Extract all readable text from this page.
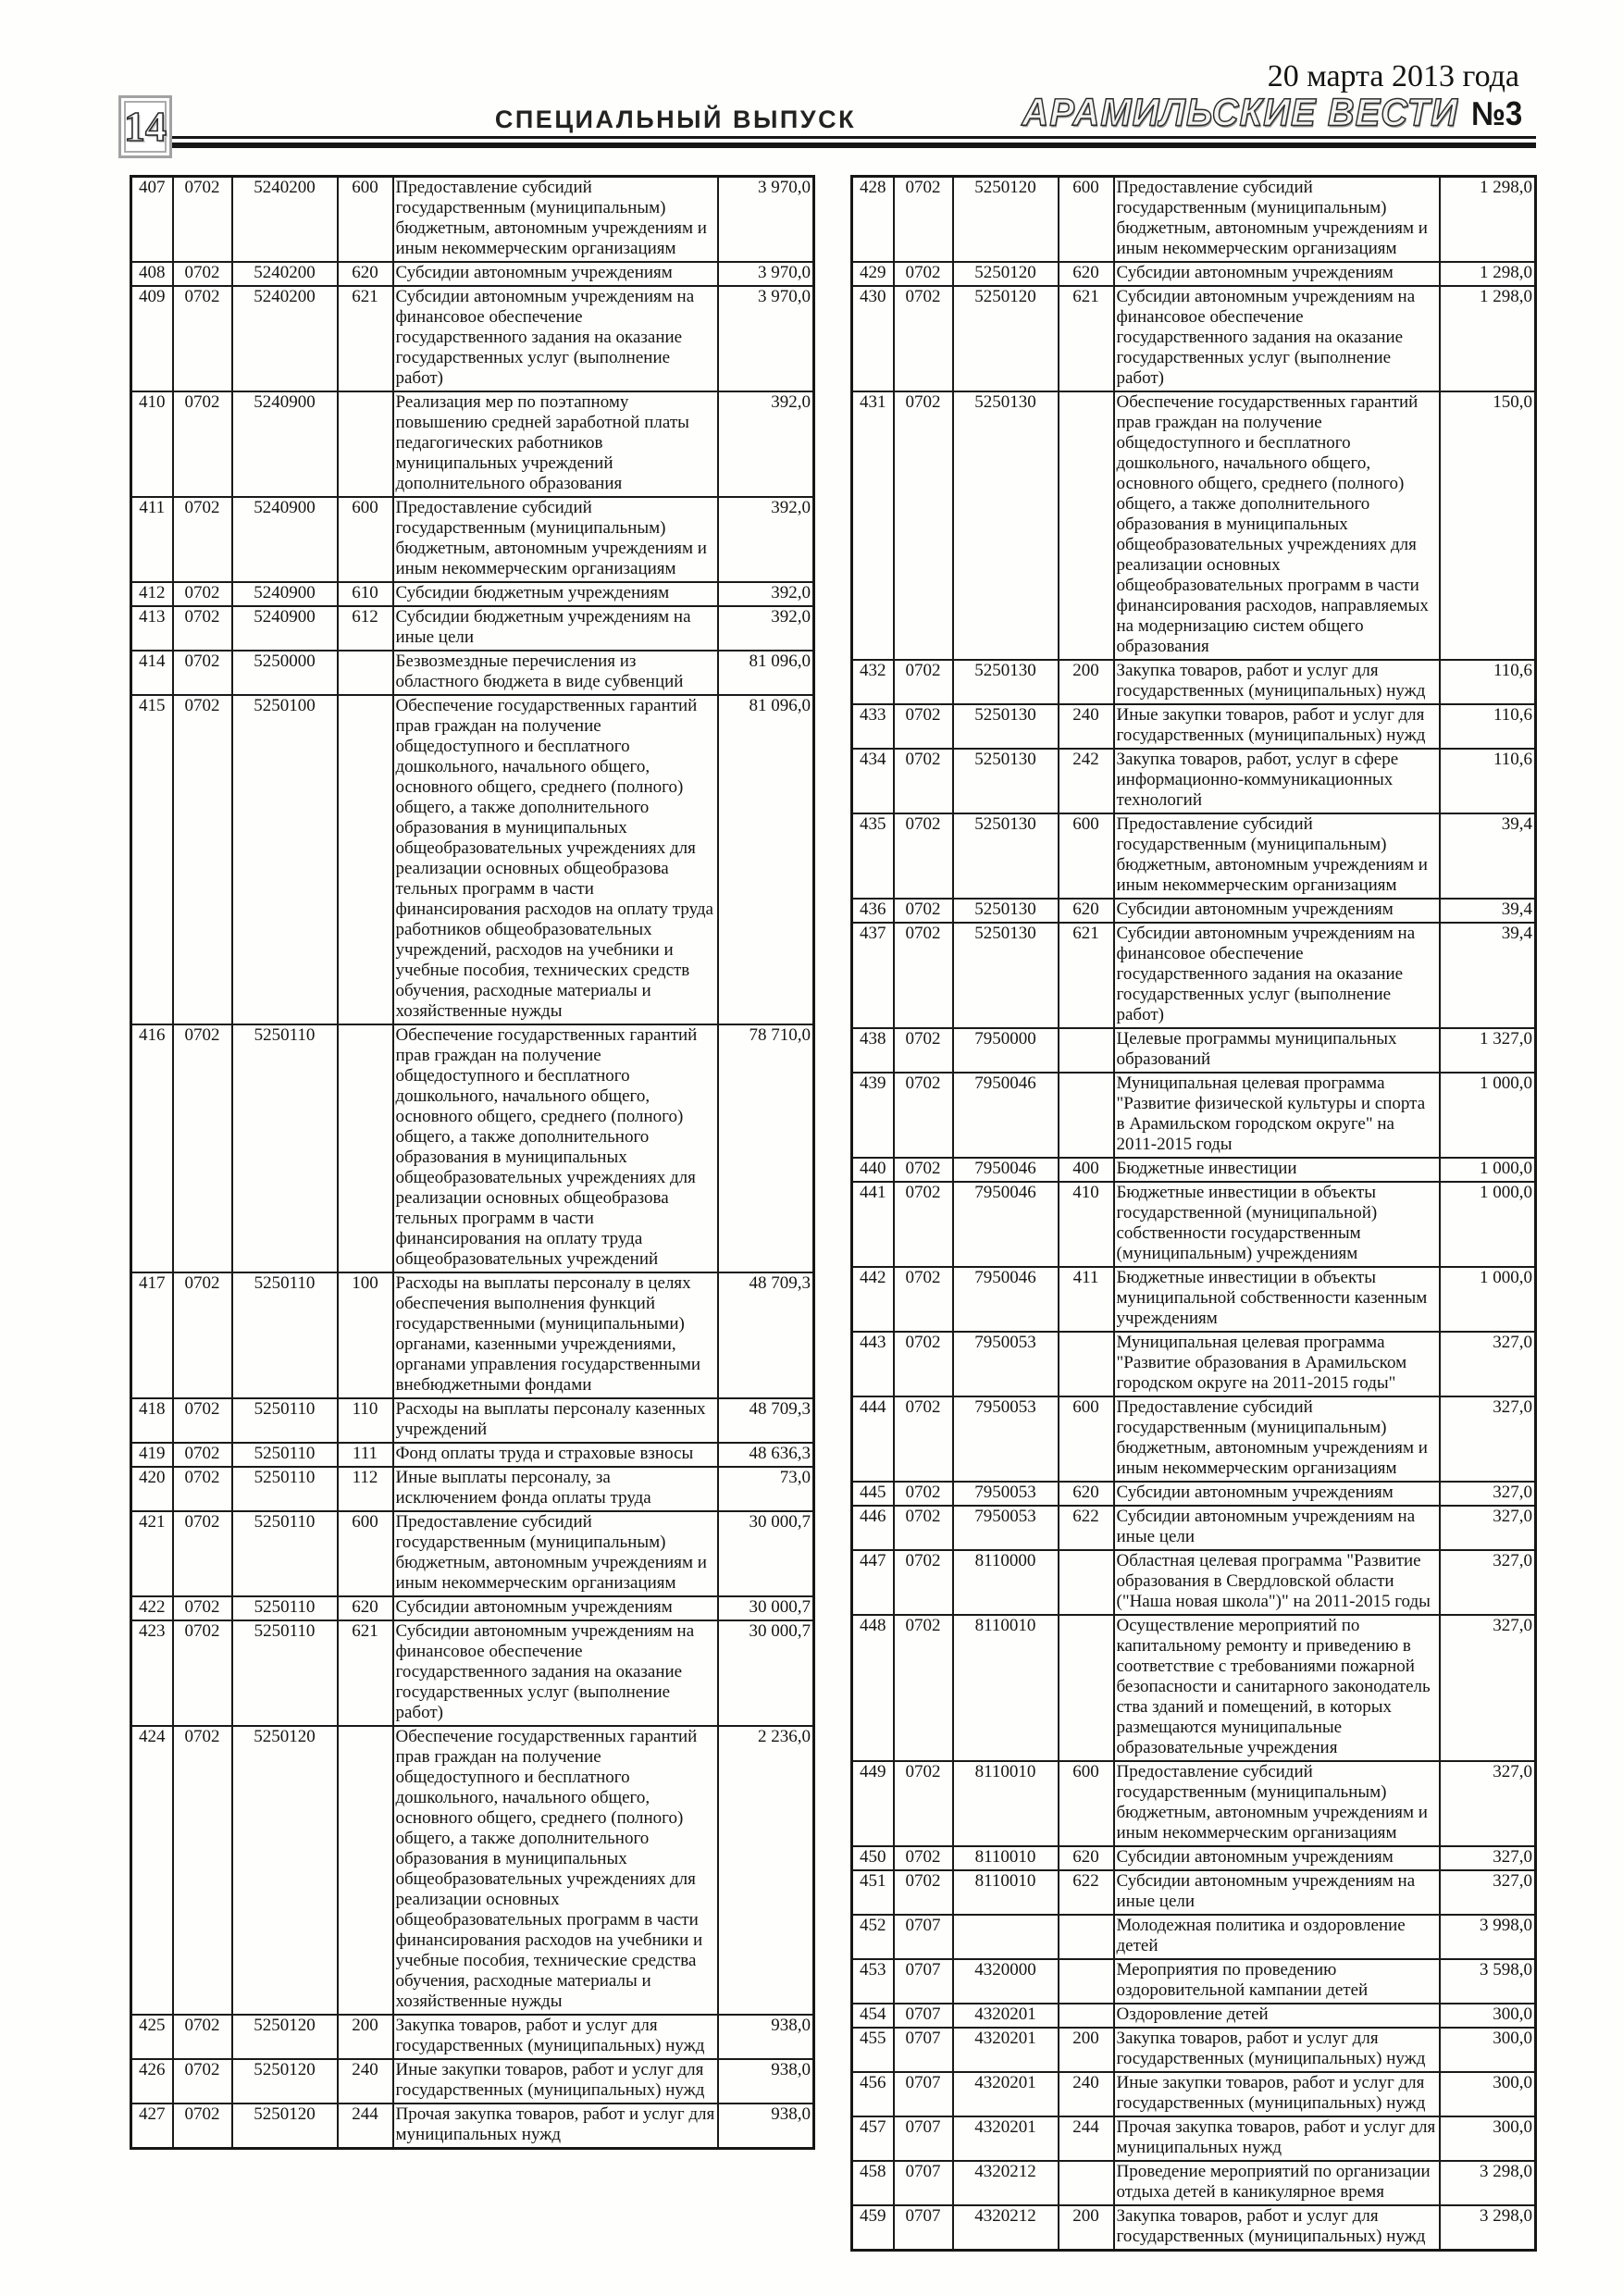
14	СПЕЦИАЛЬНЫЙ ВЫПУСК
20 марта 2013 года
АРАМИЛЬСКИЕ ВЕСТИ №3
407	0702	5240200	600	Предоставление субсидий государственным (муниципальным) бюджетным, автономным учреждениям и иным некоммерческим организациям	3 970,0
408	0702	5240200	620	Субсидии автономным учреждениям	3 970,0
409	0702	5240200	621	Субсидии автономным учреждениям на финансовое обеспечение государственного задания на оказание государственных услуг (выполнение работ)	3 970,0
410	0702	5240900		Реализация мер по поэтапному повышению средней заработной платы педагогических работников муниципальных учреждений дополнительного образования	392,0
411	0702	5240900	600	Предоставление субсидий государственным (муниципальным) бюджетным, автономным учреждениям и иным некоммерческим организациям	392,0
412	0702	5240900	610	Субсидии бюджетным учреждениям	392,0
413	0702	5240900	612	Субсидии бюджетным учреждениям на иные цели	392,0
414	0702	5250000		Безвозмездные перечисления из областного бюджета в виде субвенций	81 096,0
415	0702	5250100		Обеспечение государственных гарантий прав граждан на получение общедоступного и бесплатного дошкольного, начального общего, основного общего, среднего (полного) общего, а также дополнительного образования в муниципальных общеобразовательных учреждениях для реализации основных общеобразова тельных программ в части финансирования расходов на оплату труда работников общеобразовательных учреждений, расходов на учебники и учебные пособия, технических средств обучения, расходные материалы и хозяйственные нужды	81 096,0
416	0702	5250110		Обеспечение государственных гарантий прав граждан на получение общедоступного и бесплатного дошкольного, начального общего, основного общего, среднего (полного) общего, а также дополнительного образования в муниципальных общеобразовательных учреждениях для реализации основных общеобразова тельных программ в части финансирования на оплату труда общеобразовательных учреждений	78 710,0
417	0702	5250110	100	Расходы на выплаты персоналу в целях обеспечения выполнения функций государственными (муниципальными) органами, казенными учреждениями, органами управления государственными внебюджетными фондами	48 709,3
418	0702	5250110	110	Расходы на выплаты персоналу казенных учреждений	48 709,3
419	0702	5250110	111	Фонд оплаты труда и страховые взносы	48 636,3
420	0702	5250110	112	Иные выплаты персоналу, за исключением фонда оплаты труда	73,0
421	0702	5250110	600	Предоставление субсидий государственным (муниципальным) бюджетным, автономным учреждениям и иным некоммерческим организациям	30 000,7
422	0702	5250110	620	Субсидии автономным учреждениям	30 000,7
423	0702	5250110	621	Субсидии автономным учреждениям на финансовое обеспечение государственного задания на оказание государственных услуг (выполнение работ)	30 000,7
424	0702	5250120		Обеспечение государственных гарантий прав граждан на получение общедоступного и бесплатного дошкольного, начального общего, основного общего, среднего (полного) общего, а также дополнительного образования в муниципальных общеобразовательных учреждениях для реализации основных общеобразовательных программ в части финансирования расходов на учебники и учебные пособия, технические средства обучения, расходные материалы и хозяйственные нужды	2 236,0
425	0702	5250120	200	Закупка товаров, работ и услуг для государственных (муниципальных) нужд	938,0
426	0702	5250120	240	Иные закупки товаров, работ и услуг для государственных (муниципальных) нужд	938,0
427	0702	5250120	244	Прочая закупка товаров, работ и услуг для муниципальных нужд	938,0
428	0702	5250120	600	Предоставление субсидий государственным (муниципальным) бюджетным, автономным учреждениям и иным некоммерческим организациям	1 298,0
429	0702	5250120	620	Субсидии автономным учреждениям	1 298,0
430	0702	5250120	621	Субсидии автономным учреждениям на финансовое обеспечение государственного задания на оказание государственных услуг (выполнение работ)	1 298,0
431	0702	5250130		Обеспечение государственных гарантий прав граждан на получение общедоступного и бесплатного дошкольного, начального общего, основного общего, среднего (полного) общего, а также дополнительного образования в муниципальных общеобразовательных учреждениях для реализации основных общеобразовательных программ в части финансирования расходов, направляемых на модернизацию систем общего образования	150,0
432	0702	5250130	200	Закупка товаров, работ и услуг для государственных (муниципальных) нужд	110,6
433	0702	5250130	240	Иные закупки товаров, работ и услуг для государственных (муниципальных) нужд	110,6
434	0702	5250130	242	Закупка товаров, работ, услуг в сфере информационно-коммуникационных технологий	110,6
435	0702	5250130	600	Предоставление субсидий государственным (муниципальным) бюджетным, автономным учреждениям и иным некоммерческим организациям	39,4
436	0702	5250130	620	Субсидии автономным учреждениям	39,4
437	0702	5250130	621	Субсидии автономным учреждениям на финансовое обеспечение государственного задания на оказание государственных услуг (выполнение работ)	39,4
438	0702	7950000		Целевые программы муниципальных образований	1 327,0
439	0702	7950046		Муниципальная целевая программа "Развитие физической культуры и спорта в Арамильском городском округе" на 2011-2015 годы	1 000,0
440	0702	7950046	400	Бюджетные инвестиции	1 000,0
441	0702	7950046	410	Бюджетные инвестиции в объекты государственной (муниципальной) собственности государственным (муниципальным) учреждениям	1 000,0
442	0702	7950046	411	Бюджетные инвестиции в объекты муниципальной собственности казенным учреждениям	1 000,0
443	0702	7950053		Муниципальная целевая программа "Развитие образования в Арамильском городском округе на 2011-2015 годы"	327,0
444	0702	7950053	600	Предоставление субсидий государственным (муниципальным) бюджетным, автономным учреждениям и иным некоммерческим организациям	327,0
445	0702	7950053	620	Субсидии автономным учреждениям	327,0
446	0702	7950053	622	Субсидии автономным учреждениям на иные цели	327,0
447	0702	8110000		Областная целевая программа "Развитие образования в Свердловской области ("Наша новая школа")" на 2011-2015 годы	327,0
448	0702	8110010		Осуществление мероприятий по капитальному ремонту и приведению в соответствие с требованиями пожарной безопасности и санитарного законодатель ства зданий и помещений, в которых размещаются муниципальные образовательные учреждения	327,0
449	0702	8110010	600	Предоставление субсидий государственным (муниципальным) бюджетным, автономным учреждениям и иным некоммерческим организациям	327,0
450	0702	8110010	620	Субсидии автономным учреждениям	327,0
451	0702	8110010	622	Субсидии автономным учреждениям на иные цели	327,0
452	0707			Молодежная политика и оздоровление детей	3 998,0
453	0707	4320000		Мероприятия по проведению оздоровительной кампании детей	3 598,0
454	0707	4320201		Оздоровление детей	300,0
455	0707	4320201	200	Закупка товаров, работ и услуг для государственных (муниципальных) нужд	300,0
456	0707	4320201	240	Иные закупки товаров, работ и услуг для государственных (муниципальных) нужд	300,0
457	0707	4320201	244	Прочая закупка товаров, работ и услуг для муниципальных нужд	300,0
458	0707	4320212		Проведение мероприятий по организации отдыха детей в каникулярное время	3 298,0
459	0707	4320212	200	Закупка товаров, работ и услуг для государственных (муниципальных) нужд	3 298,0
